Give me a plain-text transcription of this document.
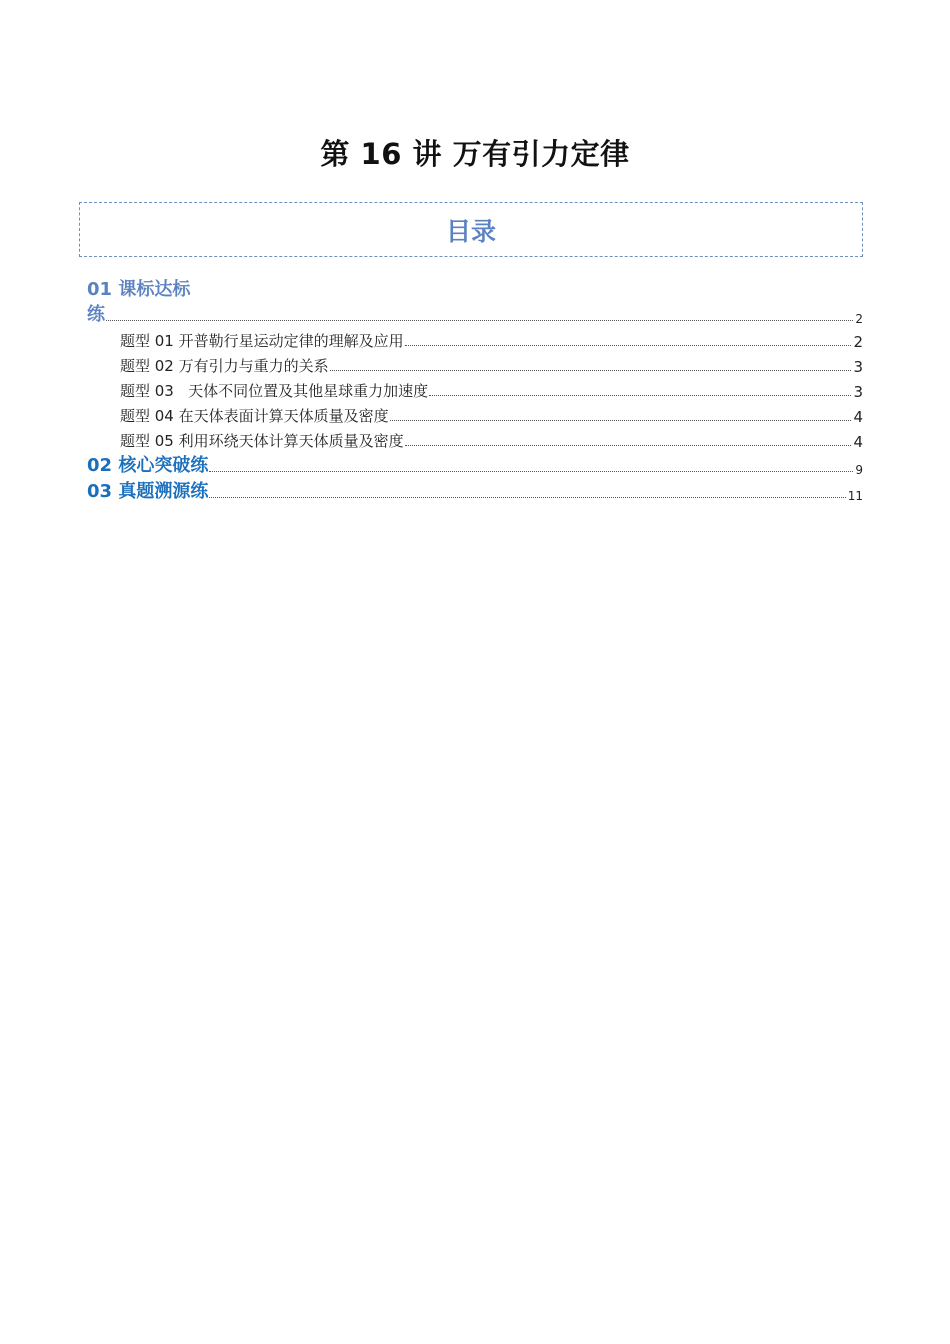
第 16 讲 万有引力定律
目录
01 课标达标
练	2
题型 01 开普勒行星运动定律的理解及应用	2
题型 02 万有引力与重力的关系	3
题型 03   天体不同位置及其他星球重力加速度	3
题型 04 在天体表面计算天体质量及密度	4
题型 05 利用环绕天体计算天体质量及密度	4
02 核心突破练	9
03 真题溯源练	11
